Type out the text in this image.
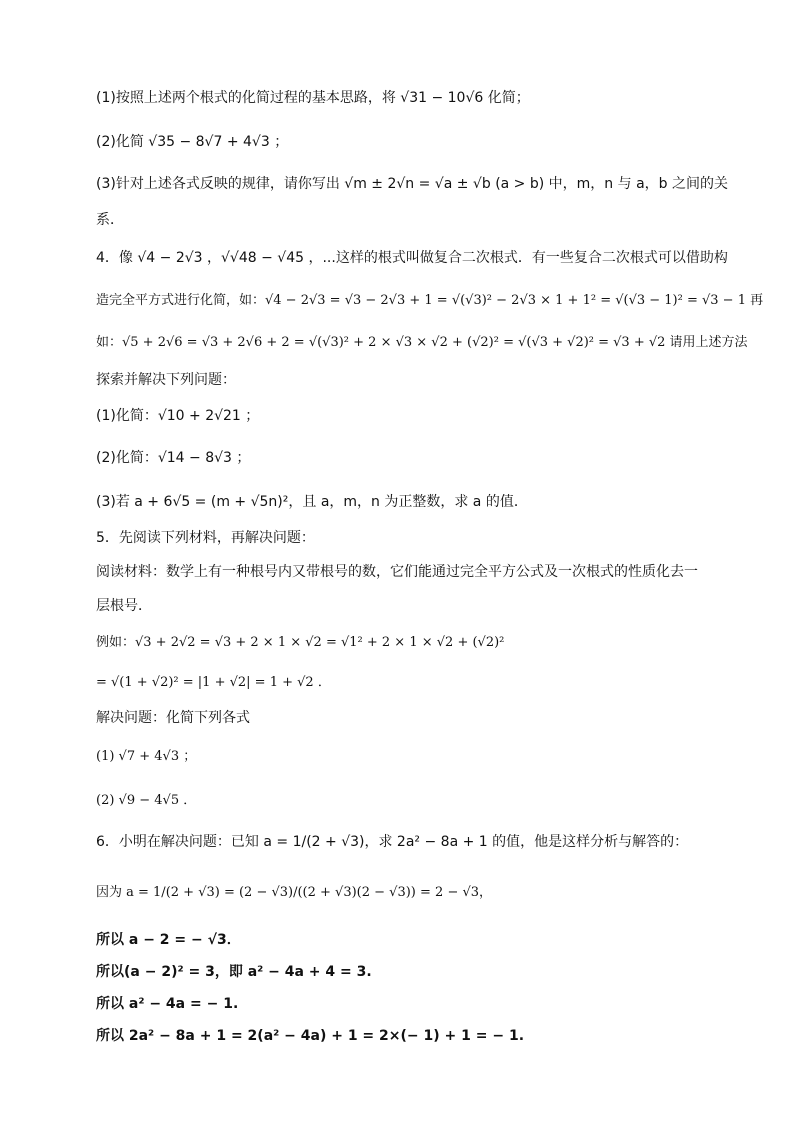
(1)按照上述两个根式的化简过程的基本思路，将 √31 − 10√6 化简；
(2)化简 √35 − 8√7 + 4√3 ；
(3)针对上述各式反映的规律，请你写出 √m ± 2√n = √a ± √b (a > b) 中，m，n 与 a，b 之间的关
系．
4．像 √4 − 2√3 ，√√48 − √45 ，...这样的根式叫做复合二次根式．有一些复合二次根式可以借助构
造完全平方式进行化简，如：√4 − 2√3 = √3 − 2√3 + 1 = √(√3)² − 2√3 × 1 + 1² = √(√3 − 1)² = √3 − 1 再
如：√5 + 2√6 = √3 + 2√6 + 2 = √(√3)² + 2 × √3 × √2 + (√2)² = √(√3 + √2)² = √3 + √2 请用上述方法
探索并解决下列问题：
(1)化简：√10 + 2√21 ；
(2)化简：√14 − 8√3 ；
(3)若 a + 6√5 = (m + √5n)²，且 a，m，n 为正整数，求 a 的值．
5．先阅读下列材料，再解决问题：
阅读材料：数学上有一种根号内又带根号的数，它们能通过完全平方公式及一次根式的性质化去一
层根号．
例如：√3 + 2√2 = √3 + 2 × 1 × √2 = √1² + 2 × 1 × √2 + (√2)²
= √(1 + √2)² = |1 + √2| = 1 + √2 ．
解决问题：化简下列各式
(1) √7 + 4√3 ；
(2) √9 − 4√5 ．
6．小明在解决问题：已知 a = 1/(2 + √3)，求 2a² − 8a + 1 的值，他是这样分析与解答的：
因为 a = 1/(2 + √3) = (2 − √3)/((2 + √3)(2 − √3)) = 2 − √3，
所以 a − 2 = − √3．
所以(a − 2)² = 3，即 a² − 4a + 4 = 3.
所以 a² − 4a = − 1.
所以 2a² − 8a + 1 = 2(a² − 4a) + 1 = 2×(− 1) + 1 = − 1.
